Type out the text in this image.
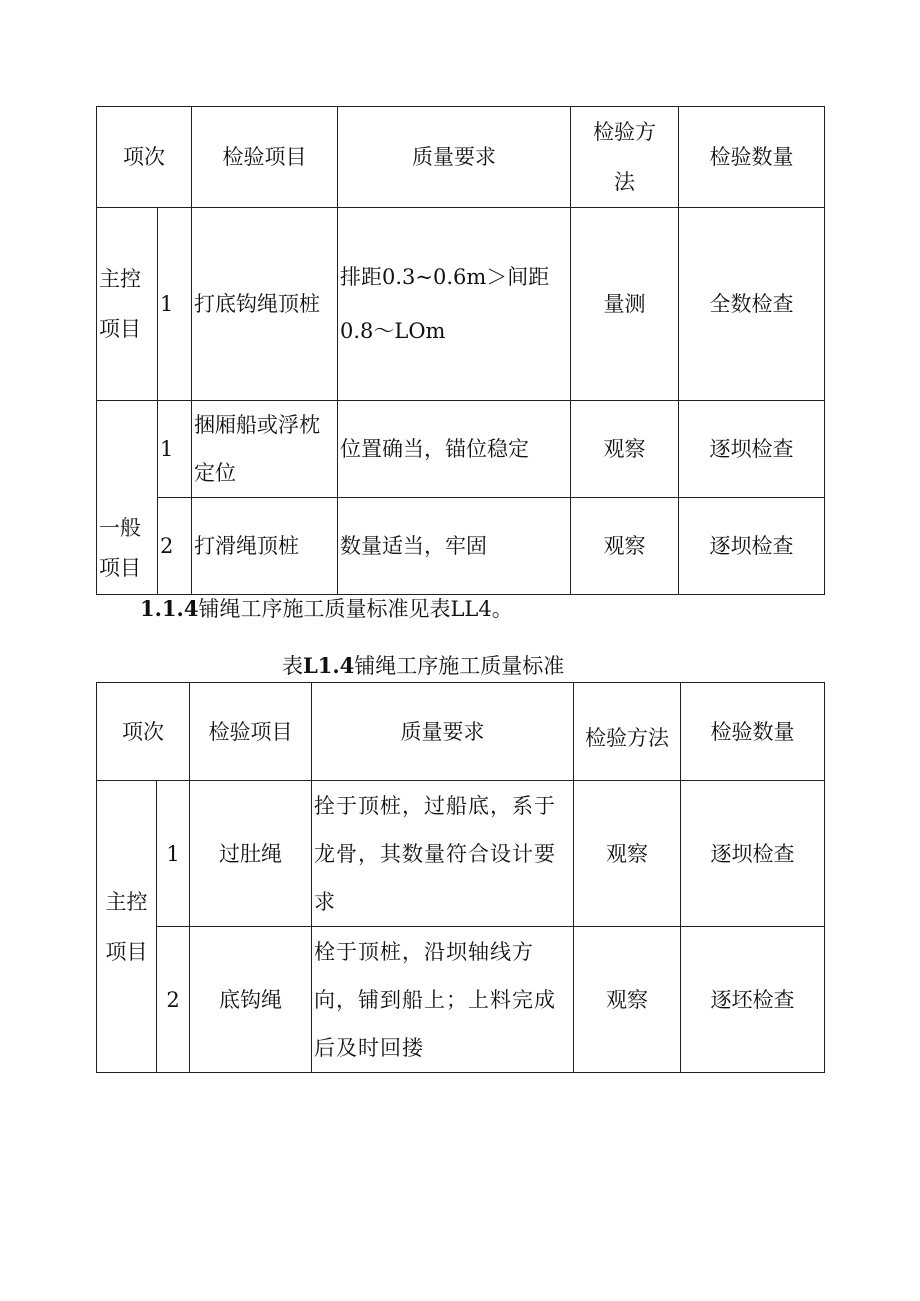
项次		检验项目	质量要求	检验方法	检验数量
主控项目	1	打底钩绳顶桩	排距0.3~0.6m＞间距0.8～LOm	量测	全数检查
一般项目	1	捆厢船或浮枕定位	位置确当，锚位稳定	观察	逐坝检查
	2	打滑绳顶桩	数量适当，牢固	观察	逐坝检查
1.1.4铺绳工序施工质量标准见表LL4。
表L1.4铺绳工序施工质量标准
项次		检验项目	质量要求	检验方法	检验数量
主控项目	1	过肚绳	拴于顶桩，过船底，系于龙骨，其数量符合设计要求	观察	逐坝检查
	2	底钩绳	栓于顶桩，沿坝轴线方向，铺到船上；上料完成后及时回搂	观察	逐坯检查
